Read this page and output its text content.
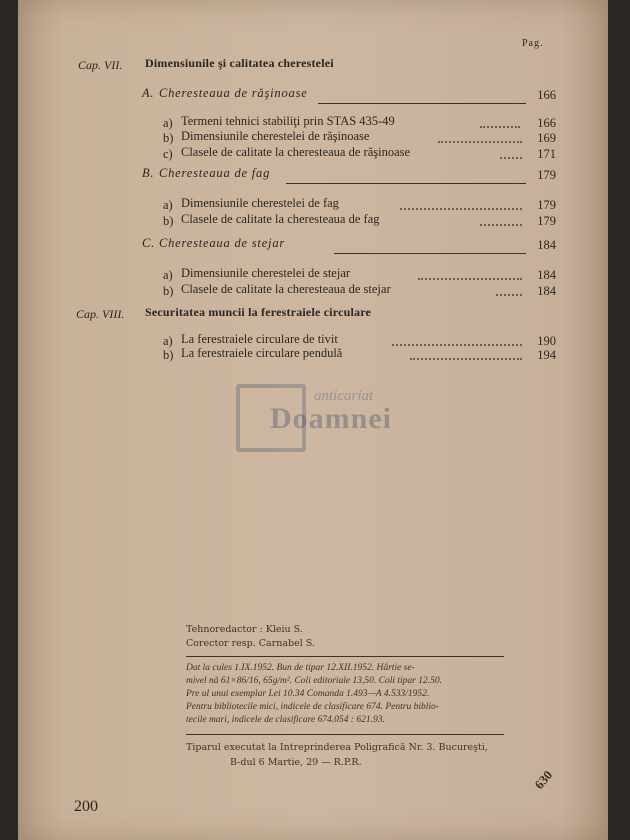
Pag.
Cap. VII. Dimensiunile şi calitatea cherestelei
A. Cheresteaua de răşinoase	166
a) Termeni tehnici stabiliţi prin STAS 435-49	166
b) Dimensiunile cherestelei de răşinoase	169
c) Clasele de calitate la cheresteaua de răşinoase	171
B. Cheresteaua de fag	179
a) Dimensiunile cherestelei de fag	179
b) Clasele de calitate la cheresteaua de fag	179
C. Cheresteaua de stejar	184
a) Dimensiunile cherestelei de stejar	184
b) Clasele de calitate la cheresteaua de stejar	184
Cap. VIII. Securitatea muncii la ferestraiele circulare
a) La ferestraiele circulare de tivit	190
b) La ferestraiele circulare pendulă	194
anticariat
Doamnei
Tehnoredactor : Kleiu S.
Corector resp. Carnabel S.
Dat la cules 1.IX.1952. Bun de tipar 12.XII.1952. Hârtie se-
mivel nă 61×86/16, 65g/m². Coli editoriale 13,50. Coli tipar 12.50.
Pre ul unui exemplar Lei 10.34 Comanda 1.493—A 4.533/1952.
Pentru bibliotecile mici, indicele de clasificare 674. Pentru biblio-
tecile mari, indicele de clasificare 674.054 : 621.93.
Tiparul executat la Intreprinderea Poligrafică Nr. 3. Bucureşti,
B-dul 6 Martie, 29 — R.P.R.
630
200
